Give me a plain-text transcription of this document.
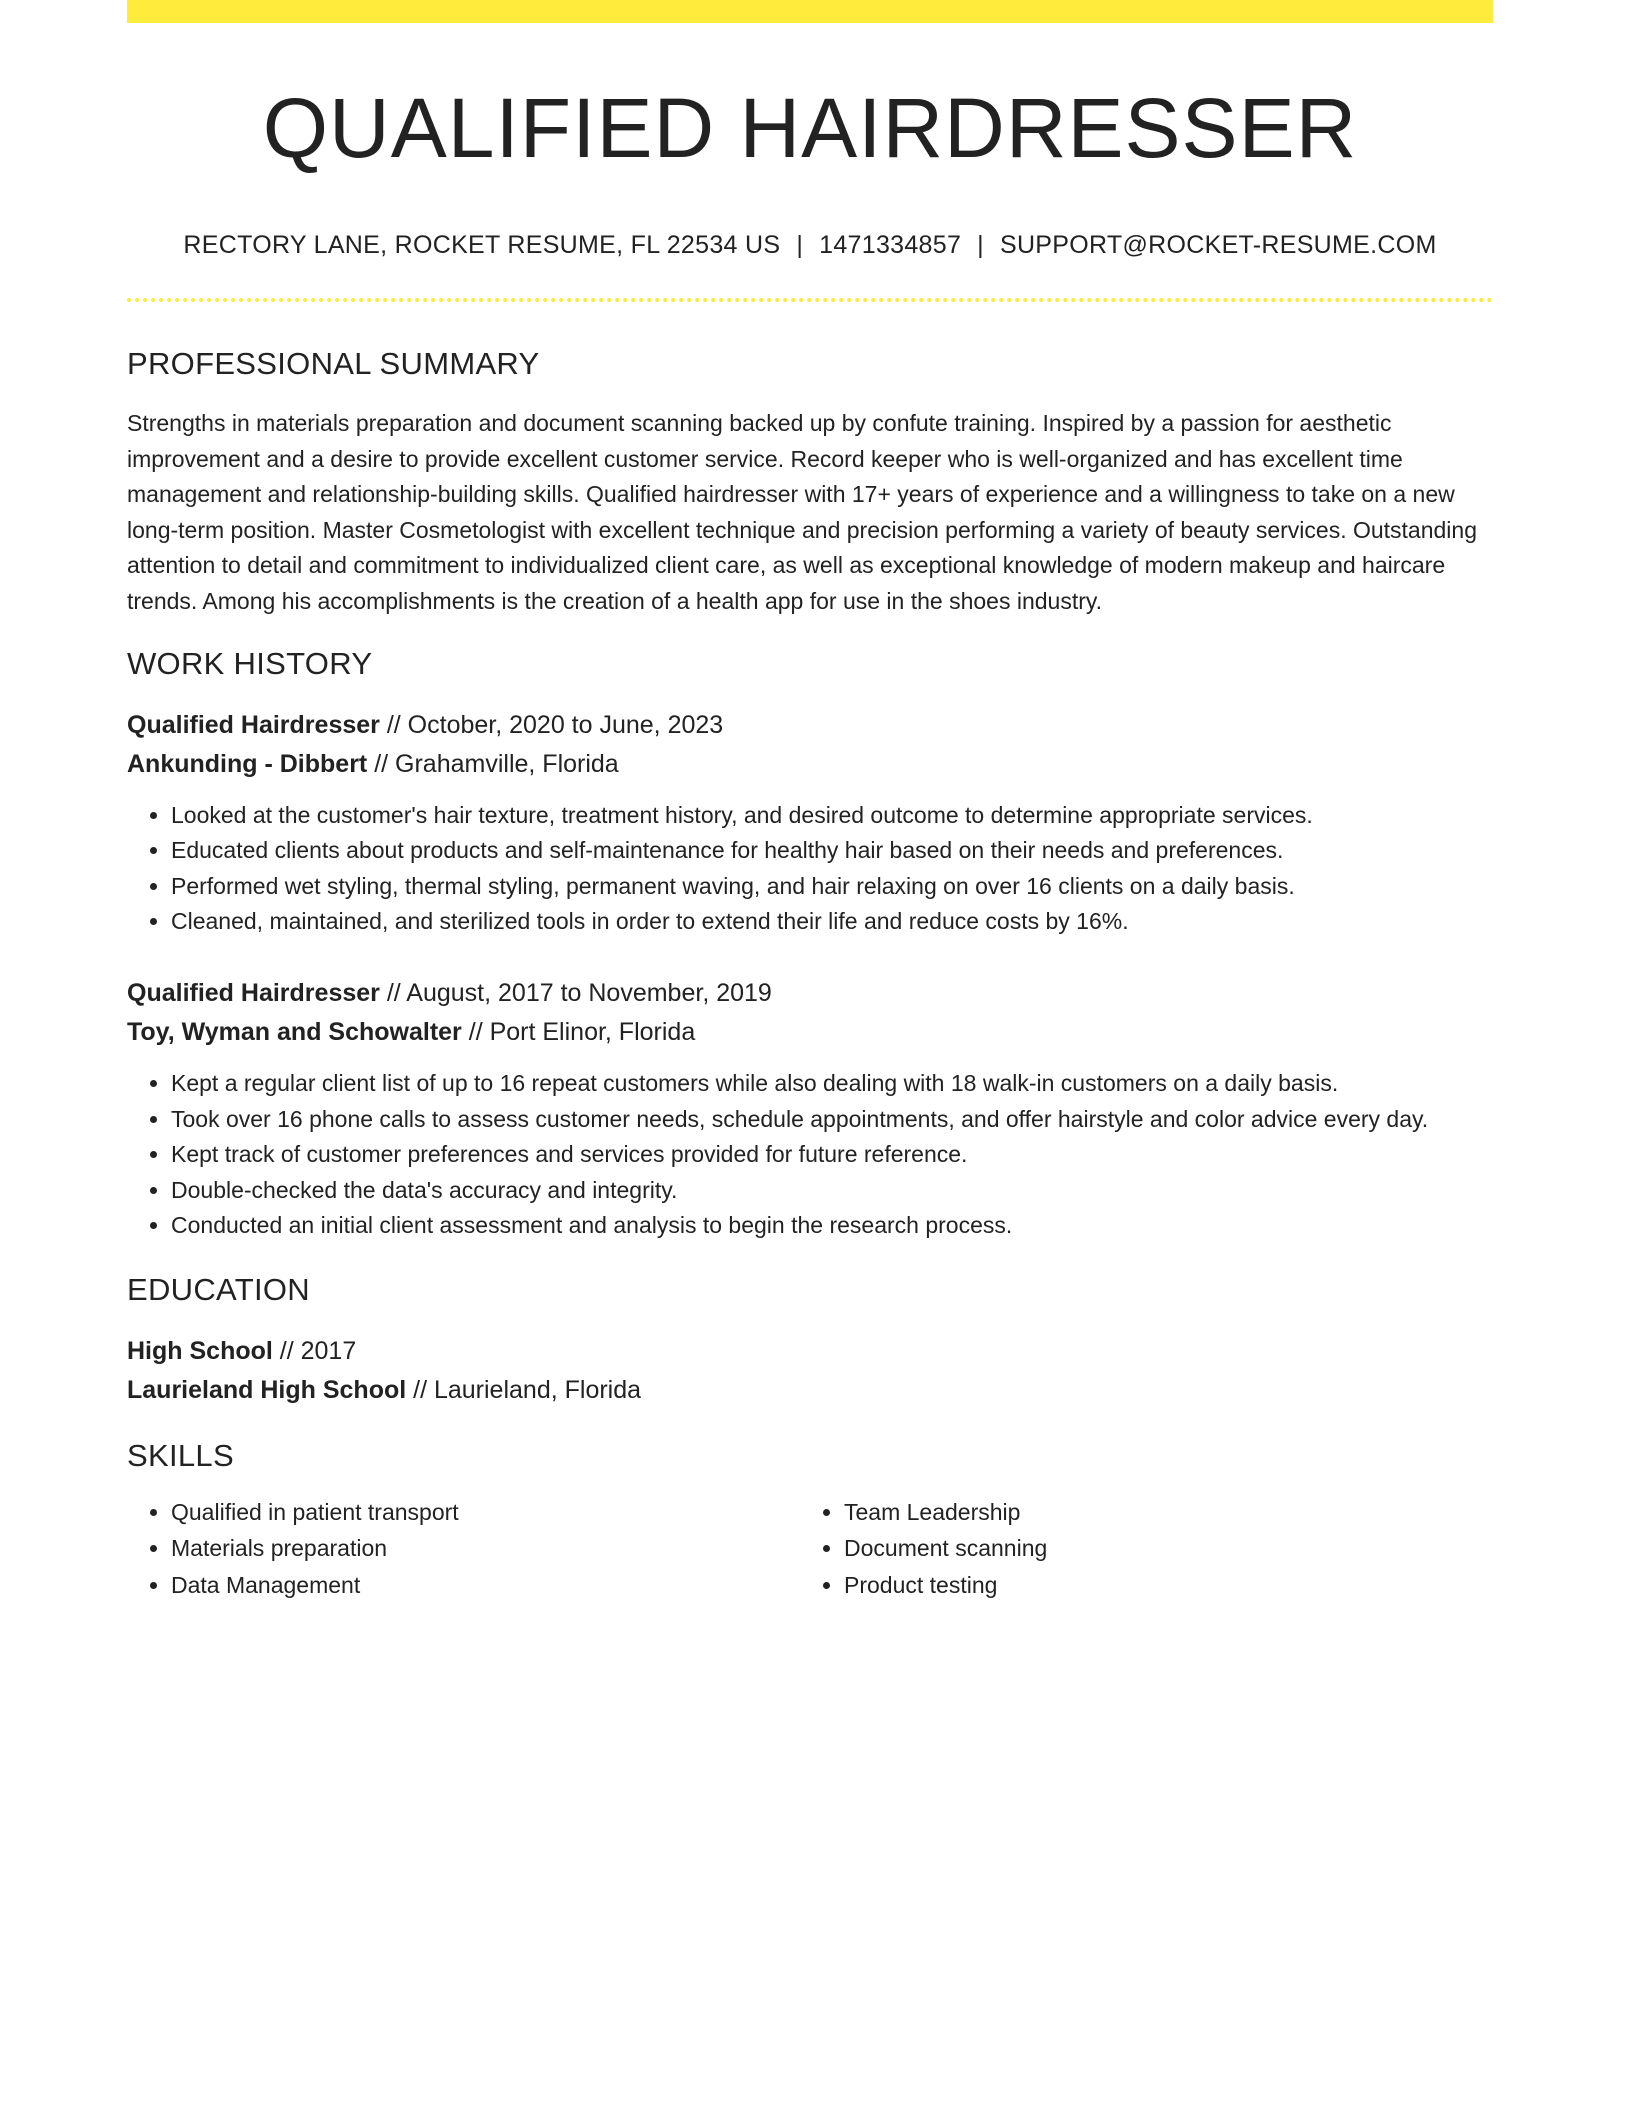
QUALIFIED HAIRDRESSER
RECTORY LANE, ROCKET RESUME, FL 22534 US | 1471334857 | SUPPORT@ROCKET-RESUME.COM
PROFESSIONAL SUMMARY

Strengths in materials preparation and document scanning backed up by confute training. Inspired by a passion for aesthetic improvement and a desire to provide excellent customer service. Record keeper who is well-organized and has excellent time management and relationship-building skills. Qualified hairdresser with 17+ years of experience and a willingness to take on a new long-term position. Master Cosmetologist with excellent technique and precision performing a variety of beauty services. Outstanding attention to detail and commitment to individualized client care, as well as exceptional knowledge of modern makeup and haircare trends. Among his accomplishments is the creation of a health app for use in the shoes industry.

WORK HISTORY
Qualified Hairdresser // October, 2020 to June, 2023
Ankunding - Dibbert // Grahamville, Florida
• Looked at the customer's hair texture, treatment history, and desired outcome to determine appropriate services.
• Educated clients about products and self-maintenance for healthy hair based on their needs and preferences.
• Performed wet styling, thermal styling, permanent waving, and hair relaxing on over 16 clients on a daily basis.
• Cleaned, maintained, and sterilized tools in order to extend their life and reduce costs by 16%.
Qualified Hairdresser // August, 2017 to November, 2019
Toy, Wyman and Schowalter // Port Elinor, Florida
• Kept a regular client list of up to 16 repeat customers while also dealing with 18 walk-in customers on a daily basis.
• Took over 16 phone calls to assess customer needs, schedule appointments, and offer hairstyle and color advice every day.
• Kept track of customer preferences and services provided for future reference.
• Double-checked the data's accuracy and integrity.
• Conducted an initial client assessment and analysis to begin the research process.
EDUCATION
High School // 2017
Laurieland High School // Laurieland, Florida
SKILLS
• Qualified in patient transport
• Materials preparation
• Data Management
• Team Leadership
• Document scanning
• Product testing
